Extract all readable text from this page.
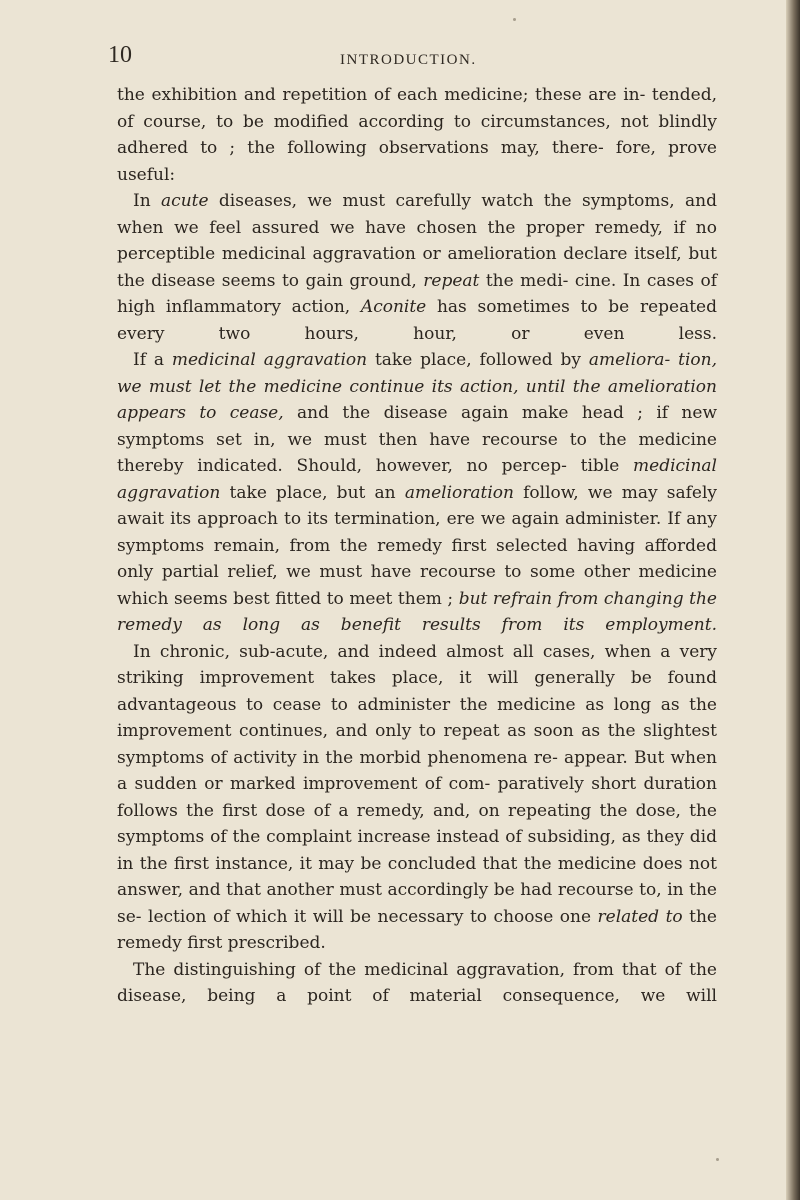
10	INTRODUCTION.

the exhibition and repetition of each medicine; these are in- tended, of course, to be modified according to circumstances, not blindly adhered to ; the following observations may, there- fore, prove useful:

In acute diseases, we must carefully watch the symptoms, and when we feel assured we have chosen the proper remedy, if no perceptible medicinal aggravation or amelioration declare itself, but the disease seems to gain ground, repeat the medi- cine. In cases of high inflammatory action, Aconite has sometimes to be repeated every two hours, hour, or even less.

If a medicinal aggravation take place, followed by ameliora- tion, we must let the medicine continue its action, until the amelioration appears to cease, and the disease again make head ; if new symptoms set in, we must then have recourse to the medicine thereby indicated. Should, however, no percep- tible medicinal aggravation take place, but an amelioration follow, we may safely await its approach to its termination, ere we again administer. If any symptoms remain, from the remedy first selected having afforded only partial relief, we must have recourse to some other medicine which seems best fitted to meet them ; but refrain from changing the remedy as long as benefit results from its employment.

In chronic, sub-acute, and indeed almost all cases, when a very striking improvement takes place, it will generally be found advantageous to cease to administer the medicine as long as the improvement continues, and only to repeat as soon as the slightest symptoms of activity in the morbid phenomena re- appear. But when a sudden or marked improvement of com- paratively short duration follows the first dose of a remedy, and, on repeating the dose, the symptoms of the complaint increase instead of subsiding, as they did in the first instance, it may be concluded that the medicine does not answer, and that another must accordingly be had recourse to, in the se- lection of which it will be necessary to choose one related to the remedy first prescribed.

The distinguishing of the medicinal aggravation, from that of the disease, being a point of material consequence, we will
